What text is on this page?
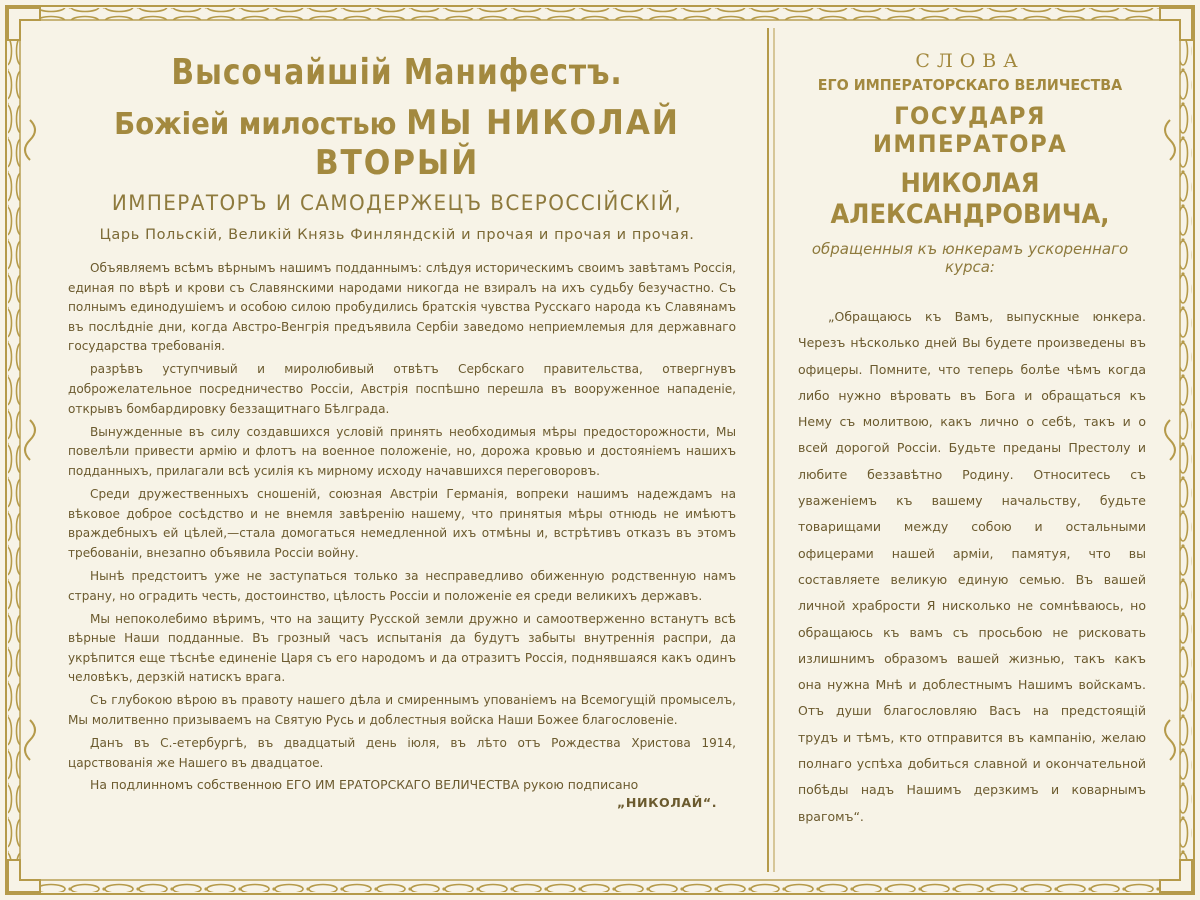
Высочайшій Манифестъ.
Божіей милостью МЫ НИКОЛАЙ ВТОРЫЙ
ИМПЕРАТОРЪ И САМОДЕРЖЕЦЪ ВСЕРОССІЙСКІЙ,
Царь Польскій, Великій Князь Финляндскій и прочая и прочая и прочая.

Объявляемъ всѣмъ вѣрнымъ нашимъ подданнымъ: слѣдуя историческимъ своимъ завѣтамъ Россія, единая по вѣрѣ и крови съ Славянскими народами никогда не взиралъ на ихъ судьбу безучастно. Съ полнымъ единодушіемъ и особою силою пробудились братскія чувства Русскаго народа къ Славянамъ въ послѣдніе дни, когда Австро-Венгрія предъявила Сербіи заведомо неприемлемыя для державнаго государства требованія.

разрѣвъ уступчивый и миролюбивый отвѣтъ Сербскаго правительства, отвергнувъ доброжелательное посредничество Россіи, Австрія поспѣшно перешла въ вооруженное нападеніе, открывъ бомбардировку беззащитнаго Бѣлграда.

Вынужденные въ силу создавшихся условій принять необходимыя мѣры предосторожности, Мы повелѣли привести армію и флотъ на военное положеніе, но, дорожа кровью и достояніемъ нашихъ подданныхъ, прилагали всѣ усилія къ мирному исходу начавшихся переговоровъ.

Среди дружественныхъ сношеній, союзная Австріи Германія, вопреки нашимъ надеждамъ на вѣковое доброе сосѣдство и не внемля завѣренію нашему, что принятыя мѣры отнюдь не имѣютъ враждебныхъ ей цѣлей,—стала домогаться немедленной ихъ отмѣны и, встрѣтивъ отказъ въ этомъ требованіи, внезапно объявила Россіи войну.

Нынѣ предстоитъ уже не заступаться только за несправедливо обиженную родственную намъ страну, но оградить честь, достоинство, цѣлость Россіи и положеніе ея среди великихъ державъ.

Мы непоколебимо вѣримъ, что на защиту Русской земли дружно и самоотверженно встанутъ всѣ вѣрные Наши подданные. Въ грозный часъ испытанія да будутъ забыты внутреннія распри, да укрѣпится еще тѣснѣе единеніе Царя съ его народомъ и да отразитъ Россія, поднявшаяся какъ одинъ человѣкъ, дерзкій натискъ врага.

Съ глубокою вѣрою въ правоту нашего дѣла и смиреннымъ упованіемъ на Всемогущій промыселъ, Мы молитвенно призываемъ на Святую Русь и доблестныя войска Наши Божее благословеніе.

Данъ въ С.-етербургѣ, въ двадцатый день іюля, въ лѣто отъ Рождества Христова 1914, царствованія же Нашего въ двадцатое.

На подлинномъ собственною ЕГО ИМ ЕРАТОРСКАГО ВЕЛИЧЕСТВА рукою подписано
„НИКОЛАЙ“.
СЛОВА
ЕГО ИМПЕРАТОРСКАГО ВЕЛИЧЕСТВА
ГОСУДАРЯ ИМПЕРАТОРА
НИКОЛАЯ АЛЕКСАНДРОВИЧА,
обращенныя къ юнкерамъ ускореннаго курса:

„Обращаюсь къ Вамъ, выпускные юнкера. Черезъ нѣсколько дней Вы будете произведены въ офицеры. Помните, что теперь болѣе чѣмъ когда либо нужно вѣровать въ Бога и обращаться къ Нему съ молитвою, какъ лично о себѣ, такъ и о всей дорогой Россіи. Будьте преданы Престолу и любите беззавѣтно Родину. Относитесь съ уваженіемъ къ вашему начальству, будьте товарищами между собою и остальными офицерами нашей арміи, памятуя, что вы составляете великую единую семью. Въ вашей личной храбрости Я нисколько не сомнѣваюсь, но обращаюсь къ вамъ съ просьбою не рисковать излишнимъ образомъ вашей жизнью, такъ какъ она нужна Мнѣ и доблестнымъ Нашимъ войскамъ. Отъ души благословляю Васъ на предстоящій трудъ и тѣмъ, кто отправится въ кампанію, желаю полнаго успѣха добиться славной и окончательной побѣды надъ Нашимъ дерзкимъ и коварнымъ врагомъ“.
